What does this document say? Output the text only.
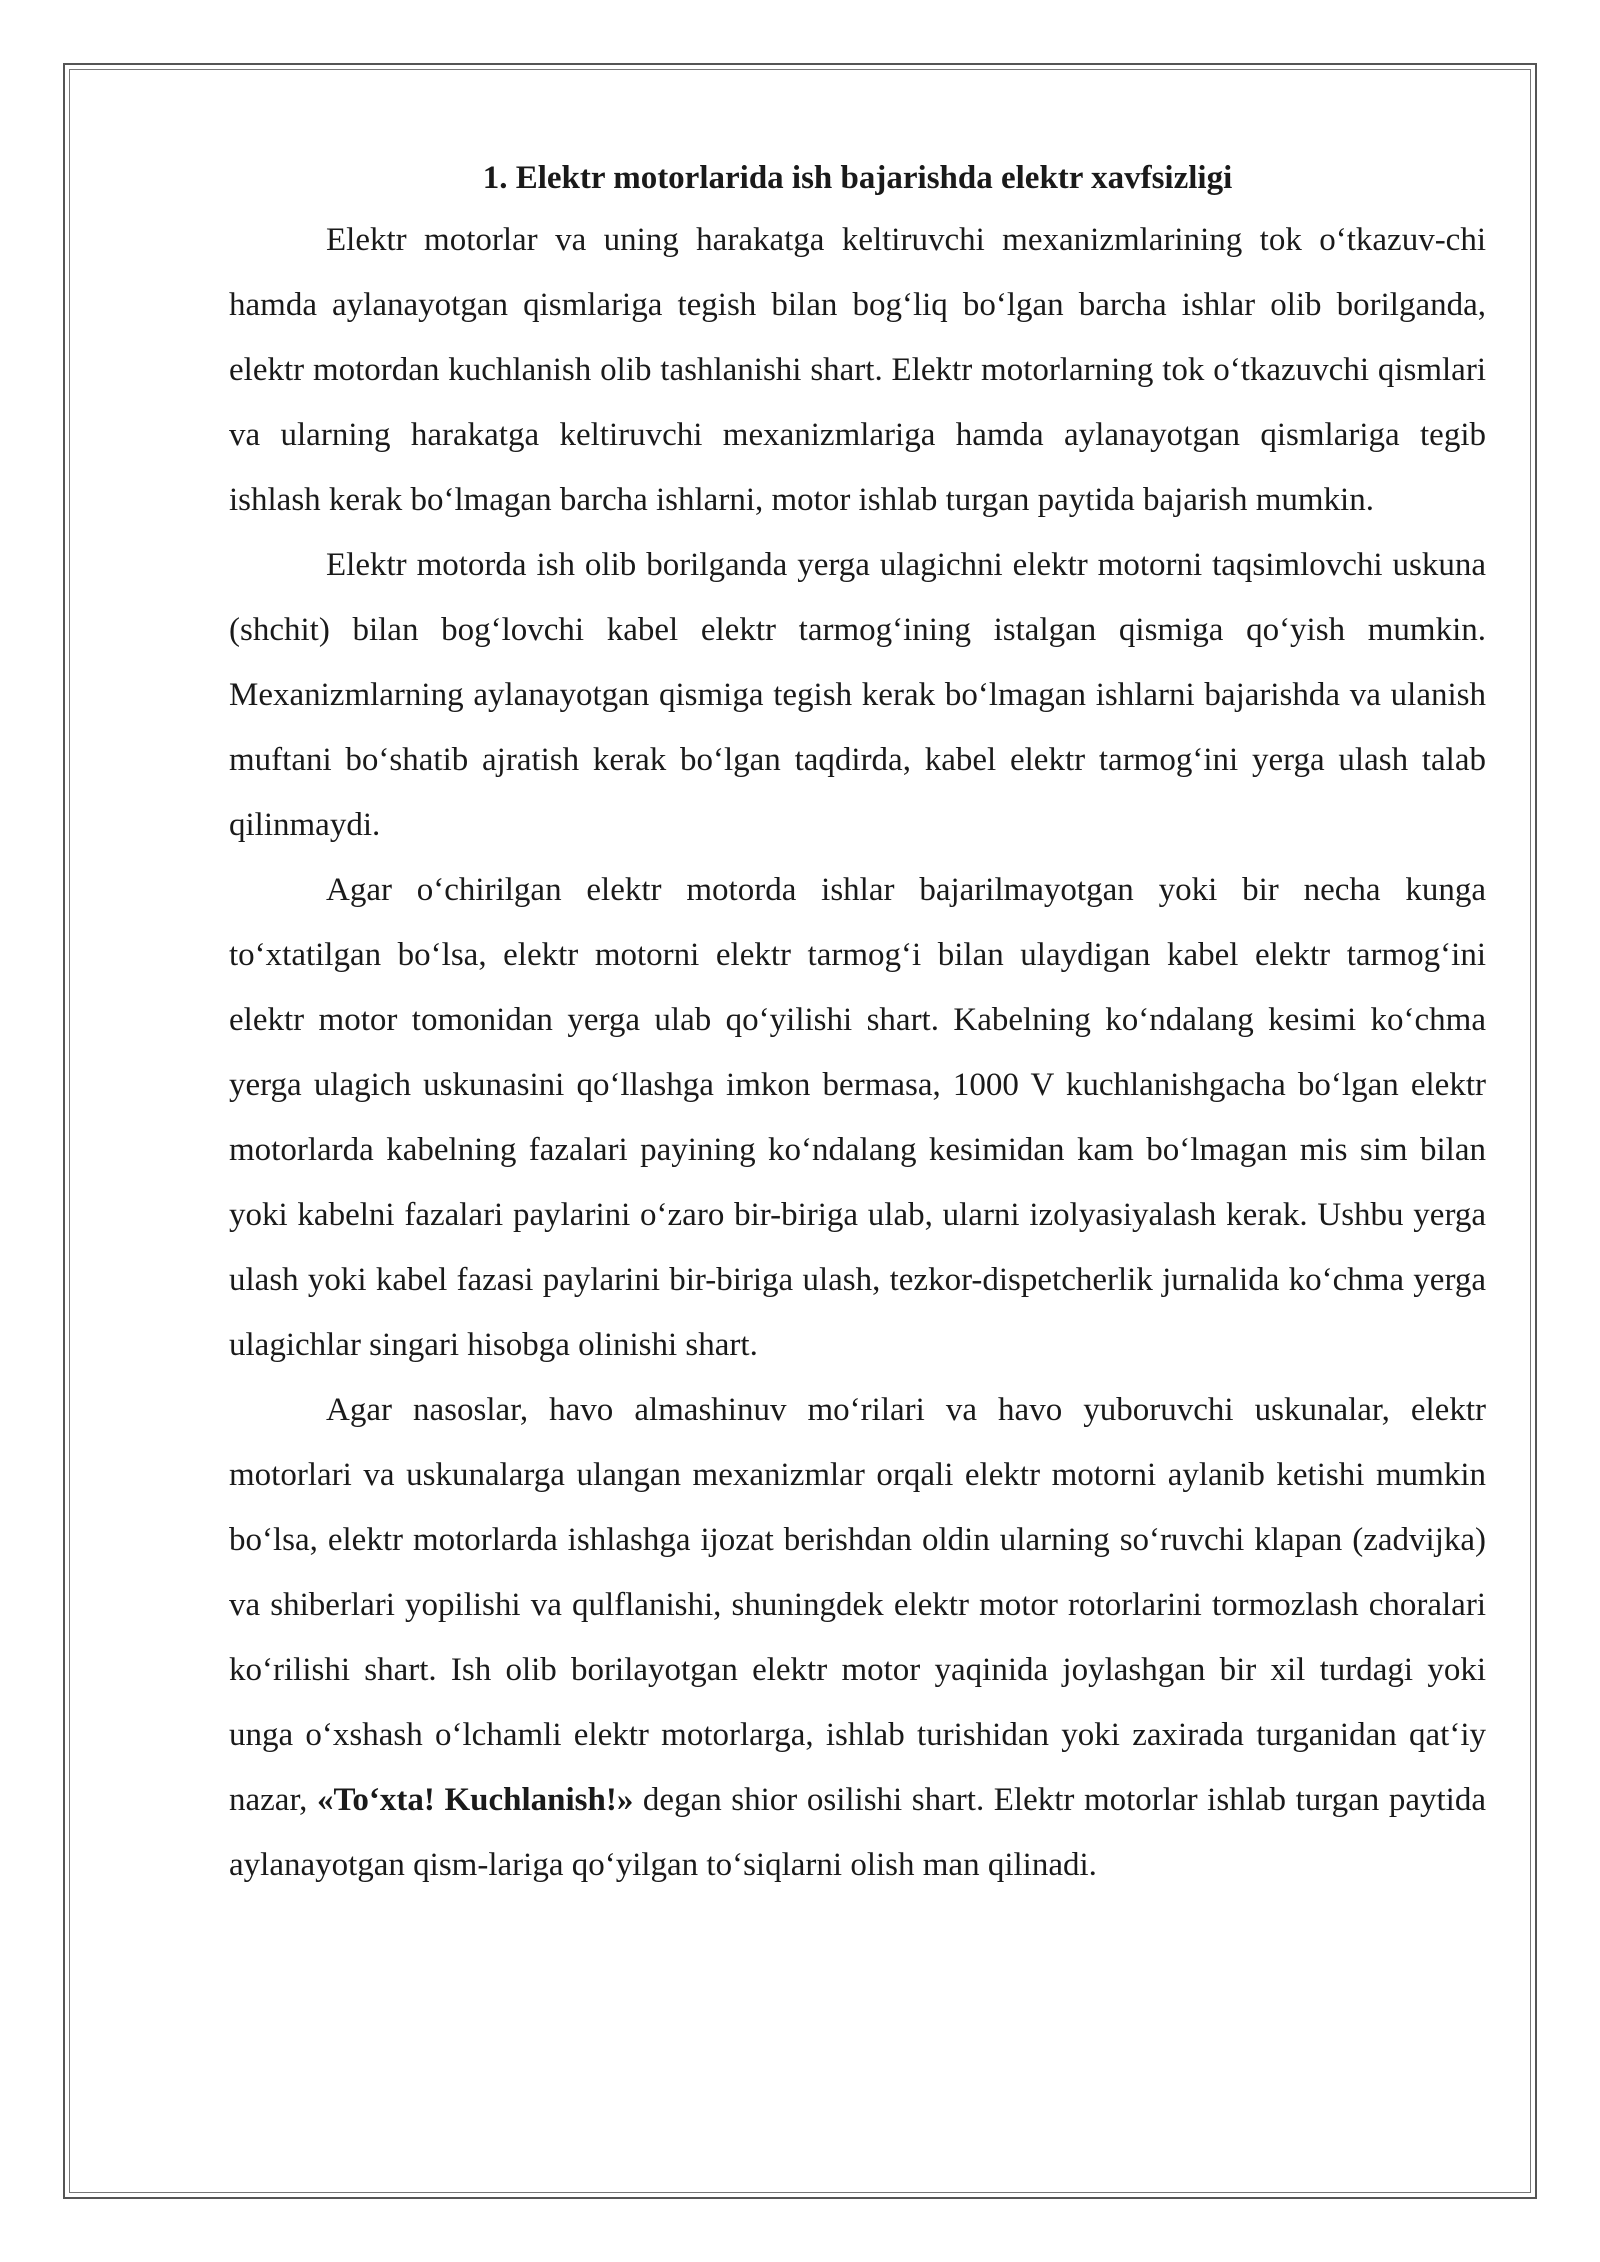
1. Elektr motorlarida ish bajarishda elektr xavfsizligi

Elektr motorlar va uning harakatga keltiruvchi mexanizmlarining tok o‘tkazuv-chi hamda aylanayotgan qismlariga tegish bilan bog‘liq bo‘lgan barcha ishlar olib borilganda, elektr motordan kuchlanish olib tashlanishi shart. Elektr motorlarning tok o‘tkazuvchi qismlari va ularning harakatga keltiruvchi mexanizmlariga hamda aylanayotgan qismlariga tegib ishlash kerak bo‘lmagan barcha ishlarni, motor ishlab turgan paytida bajarish mumkin.

Elektr motorda ish olib borilganda yerga ulagichni elektr motorni taqsimlovchi uskuna (shchit) bilan bog‘lovchi kabel elektr tarmog‘ining istalgan qismiga qo‘yish mumkin. Mexanizmlarning aylanayotgan qismiga tegish kerak bo‘lmagan ishlarni bajarishda va ulanish muftani bo‘shatib ajratish kerak bo‘lgan taqdirda, kabel elektr tarmog‘ini yerga ulash talab qilinmaydi.

Agar o‘chirilgan elektr motorda ishlar bajarilmayotgan yoki bir necha kunga to‘xtatilgan bo‘lsa, elektr motorni elektr tarmog‘i bilan ulaydigan kabel elektr tarmog‘ini elektr motor tomonidan yerga ulab qo‘yilishi shart. Kabelning ko‘ndalang kesimi ko‘chma yerga ulagich uskunasini qo‘llashga imkon bermasa, 1000 V kuchlanishgacha bo‘lgan elektr motorlarda kabelning fazalari payining ko‘ndalang kesimidan kam bo‘lmagan mis sim bilan yoki kabelni fazalari paylarini o‘zaro bir-biriga ulab, ularni izolyasiyalash kerak. Ushbu yerga ulash yoki kabel fazasi paylarini bir-biriga ulash, tezkor-dispetcherlik jurnalida ko‘chma yerga ulagichlar singari hisobga olinishi shart.

Agar nasoslar, havo almashinuv mo‘rilari va havo yuboruvchi uskunalar, elektr motorlari va uskunalarga ulangan mexanizmlar orqali elektr motorni aylanib ketishi mumkin bo‘lsa, elektr motorlarda ishlashga ijozat berishdan oldin ularning so‘ruvchi klapan (zadvijka) va shiberlari yopilishi va qulflanishi, shuningdek elektr motor rotorlarini tormozlash choralari ko‘rilishi shart. Ish olib borilayotgan elektr motor yaqinida joylashgan bir xil turdagi yoki unga o‘xshash o‘lchamli elektr motorlarga, ishlab turishidan yoki zaxirada turganidan qat‘iy nazar, «To‘xta! Kuchlanish!» degan shior osilishi shart. Elektr motorlar ishlab turgan paytida aylanayotgan qism-lariga qo‘yilgan to‘siqlarni olish man qilinadi.
